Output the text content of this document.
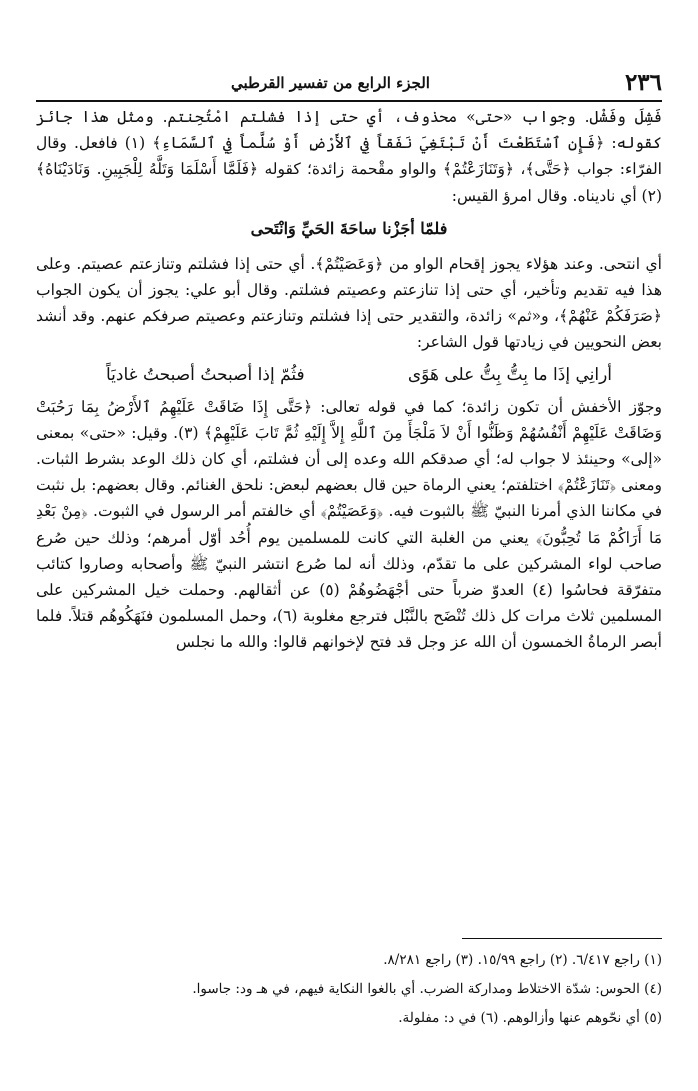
٢٣٦
الجزء الرابع من تفسير القرطبي

فَشِلَ وفَشْل. وجواب «حتى» محذوف، أي حتى إذا فشلتم امْتُحِنتم. ومثل هذا جائز كقوله: ﴿فَإِنِ ٱسْتَطَعْتَ أَنْ تَبْتَغِيَ نَفَقاً فِي ٱلأَرْضِ أَوْ سُلَّماً فِي ٱلسَّمَاءِ﴾ (١) فافعل. وقال الفرّاء: جواب ﴿حَتَّى﴾، ﴿وَتَنَازَعْتُمْ﴾ والواو مقْحمة زائدة؛ كقوله ﴿فَلَمَّا أَسْلَمَا وَتَلَّهُ لِلْجَبِينِ. وَنَادَيْنَاهُ﴾ (٢) أي ناديناه. وقال امرؤ القيس:

فلمّا أجَزْنا ساحَةَ الحَيِّ وَانْتَحى

أي انتحى. وعند هؤلاء يجوز إقحام الواو من ﴿وَعَصَيْتُمْ﴾. أي حتى إذا فشلتم وتنازعتم عصيتم. وعلى هذا فيه تقديم وتأخير، أي حتى إذا تنازعتم وعصيتم فشلتم. وقال أبو علي: يجوز أن يكون الجواب ﴿صَرَفَكُمْ عَنْهُمْ﴾، و«ثم» زائدة، والتقدير حتى إذا فشلتم وتنازعتم وعصيتم صرفكم عنهم. وقد أنشد بعض النحويين في زيادتها قول الشاعر:

أرانِي إذَا ما بِتُّ بِتُّ على هَوًى
فثُمّ إذا أصبحتُ أصبحتُ غاديَاً

وجوّز الأخفش أن تكون زائدة؛ كما في قوله تعالى: ﴿حَتَّى إِذَا ضَاقَتْ عَلَيْهِمُ ٱلأَرْضُ بِمَا رَحُبَتْ وَضَاقَتْ عَلَيْهِمْ أَنْفُسُهُمْ وَظَنُّوا أَنْ لاَ مَلْجَأَ مِنَ ٱللَّهِ إِلاَّ إِلَيْهِ ثُمَّ تَابَ عَلَيْهِمْ﴾ (٣). وقيل: «حتى» بمعنى «إلى» وحينئذ لا جواب له؛ أي صدقكم الله وعده إلى أن فشلتم، أي كان ذلك الوعد بشرط الثبات. ومعنى ﴿تَنَازَعْتُمْ﴾ اختلفتم؛ يعني الرماة حين قال بعضهم لبعض: نلحق الغنائم. وقال بعضهم: بل نثبت في مكاننا الذي أمرنا النبيّ ﷺ بالثبوت فيه. ﴿وَعَصَيْتُمْ﴾ أي خالفتم أمر الرسول في الثبوت. ﴿مِنْ بَعْدِ مَا أَرَاكُمْ مَا تُحِبُّونَ﴾ يعني من الغلبة التي كانت للمسلمين يوم أُحُد أوّل أمرهم؛ وذلك حين صُرع صاحب لواء المشركين على ما تقدّم، وذلك أنه لما صُرع انتشر النبيّ ﷺ وأصحابه وصاروا كتائب متفرّقة فحاسُوا (٤) العدوّ ضرباً حتى أجْهَضُوهُمْ (٥) عن أثقالهم. وحملت خيل المشركين على المسلمين ثلاث مرات كل ذلك تُنْضَح بالنَّبْل فترجع مغلوبة (٦)، وحمل المسلمون فنَهَكُوهُم قتلاً. فلما أبصر الرماةُ الخمسون أن الله عز وجل قد فتح لإخوانهم قالوا: والله ما نجلس

(١) راجع ٦/٤١٧. (٢) راجع ١٥/٩٩. (٣) راجع ٨/٢٨١.

(٤) الحوس: شدّة الاختلاط ومداركة الضرب. أي بالغوا النكاية فيهم، في هـ ود: جاسوا.

(٥) أي نحّوهم عنها وأزالوهم. (٦) في د: مفلولة.
